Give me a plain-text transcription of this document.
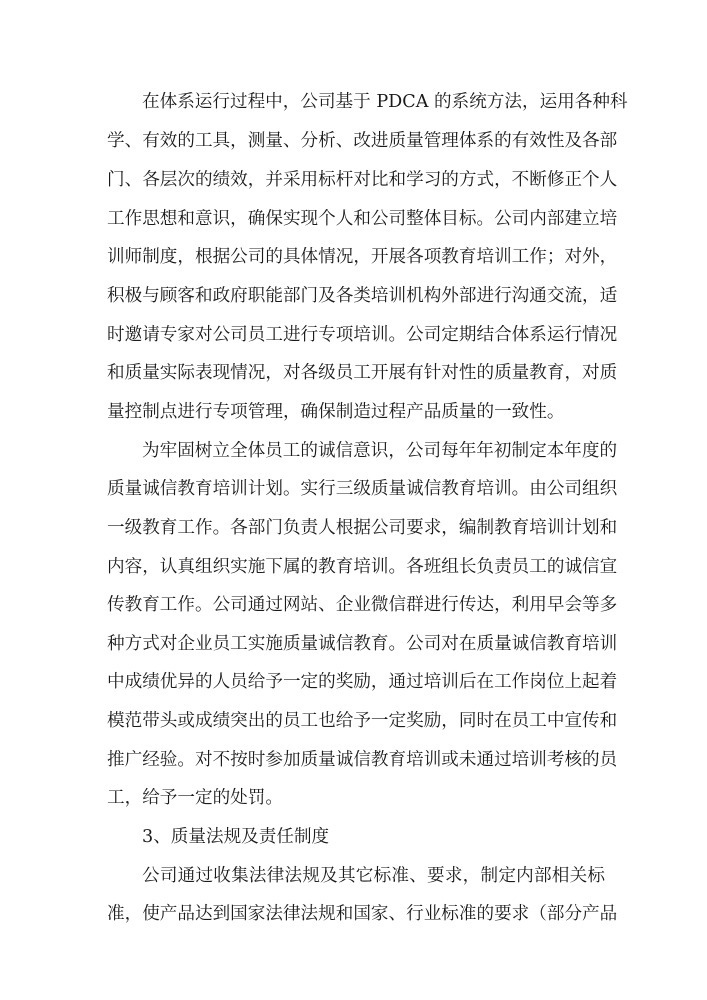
在体系运行过程中，公司基于 PDCA 的系统方法，运用各种科

学、有效的工具，测量、分析、改进质量管理体系的有效性及各部

门、各层次的绩效，并采用标杆对比和学习的方式，不断修正个人

工作思想和意识，确保实现个人和公司整体目标。公司内部建立培

训师制度，根据公司的具体情况，开展各项教育培训工作；对外，

积极与顾客和政府职能部门及各类培训机构外部进行沟通交流，适

时邀请专家对公司员工进行专项培训。公司定期结合体系运行情况

和质量实际表现情况，对各级员工开展有针对性的质量教育，对质

量控制点进行专项管理，确保制造过程产品质量的一致性。

为牢固树立全体员工的诚信意识，公司每年年初制定本年度的

质量诚信教育培训计划。实行三级质量诚信教育培训。由公司组织

一级教育工作。各部门负责人根据公司要求，编制教育培训计划和

内容，认真组织实施下属的教育培训。各班组长负责员工的诚信宣

传教育工作。公司通过网站、企业微信群进行传达，利用早会等多

种方式对企业员工实施质量诚信教育。公司对在质量诚信教育培训

中成绩优异的人员给予一定的奖励，通过培训后在工作岗位上起着

模范带头或成绩突出的员工也给予一定奖励，同时在员工中宣传和

推广经验。对不按时参加质量诚信教育培训或未通过培训考核的员

工，给予一定的处罚。

3、质量法规及责任制度

公司通过收集法律法规及其它标准、要求，制定内部相关标

准，使产品达到国家法律法规和国家、行业标准的要求（部分产品
